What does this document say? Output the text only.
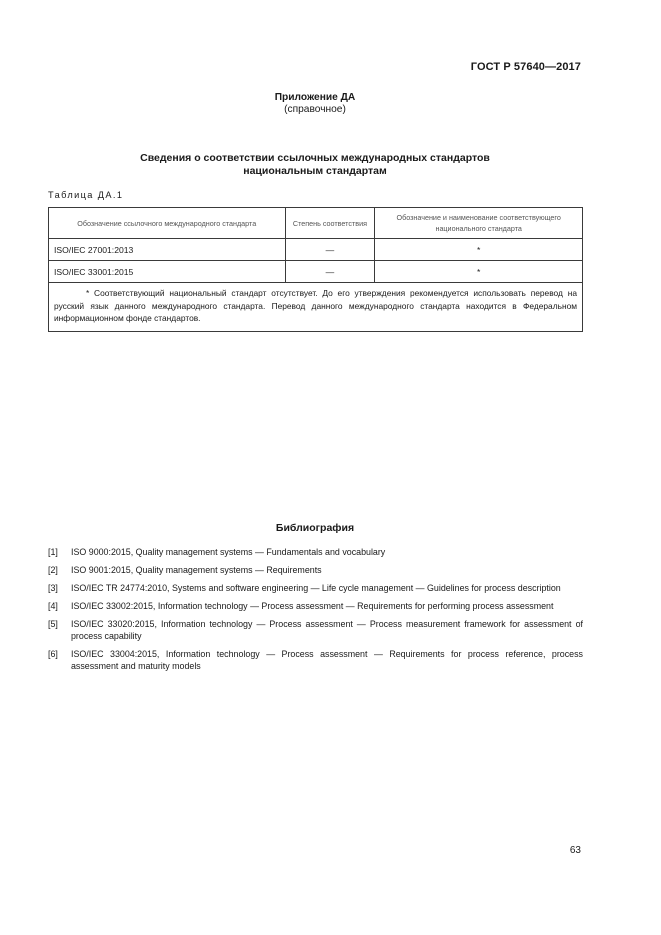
ГОСТ Р 57640—2017
Приложение ДА
(справочное)
Сведения о соответствии ссылочных международных стандартов
национальным стандартам
Таблица ДА.1
Обозначение ссылочного международного стандарта	Степень соответствия	Обозначение и наименование соответствующего национального стандарта
ISO/IEC 27001:2013	—	*
ISO/IEC 33001:2015	—	*
* Соответствующий национальный стандарт отсутствует. До его утверждения рекомендуется использовать перевод на русский язык данного международного стандарта. Перевод данного международного стандарта находится в Федеральном информационном фонде стандартов.		
Библиография
[1] ISO 9000:2015, Quality management systems — Fundamentals and vocabulary
[2] ISO 9001:2015, Quality management systems — Requirements
[3] ISO/IEC TR 24774:2010, Systems and software engineering — Life cycle management — Guidelines for process description
[4] ISO/IEC 33002:2015, Information technology — Process assessment — Requirements for performing process assessment
[5] ISO/IEC 33020:2015, Information technology — Process assessment — Process measurement framework for assessment of process capability
[6] ISO/IEC 33004:2015, Information technology — Process assessment — Requirements for process reference, process assessment and maturity models
63
